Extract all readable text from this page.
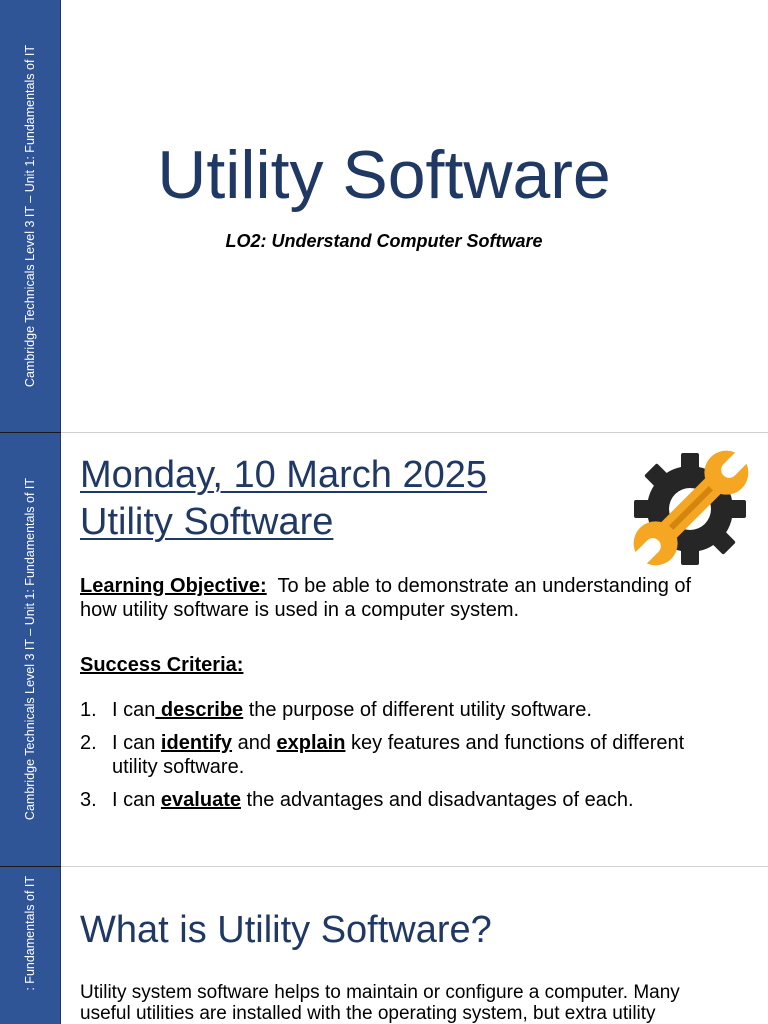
Cambridge Technicals Level 3 IT – Unit 1: Fundamentals of IT	Utility Software

LO2: Understand Computer Software

Cambridge Technicals Level 3 IT – Unit 1: Fundamentals of IT
Monday, 10 March 2025
Utility Software
Learning Objective:  To be able to demonstrate an understanding of
how utility software is used in a computer system.
Success Criteria:
1. I can describe the purpose of different utility software.
2. I can identify and explain key features and functions of different
utility software.
3. I can evaluate the advantages and disadvantages of each.
: Fundamentals of IT What is Utility Software?
Utility system software helps to maintain or configure a computer. Many
useful utilities are installed with the operating system, but extra utility
